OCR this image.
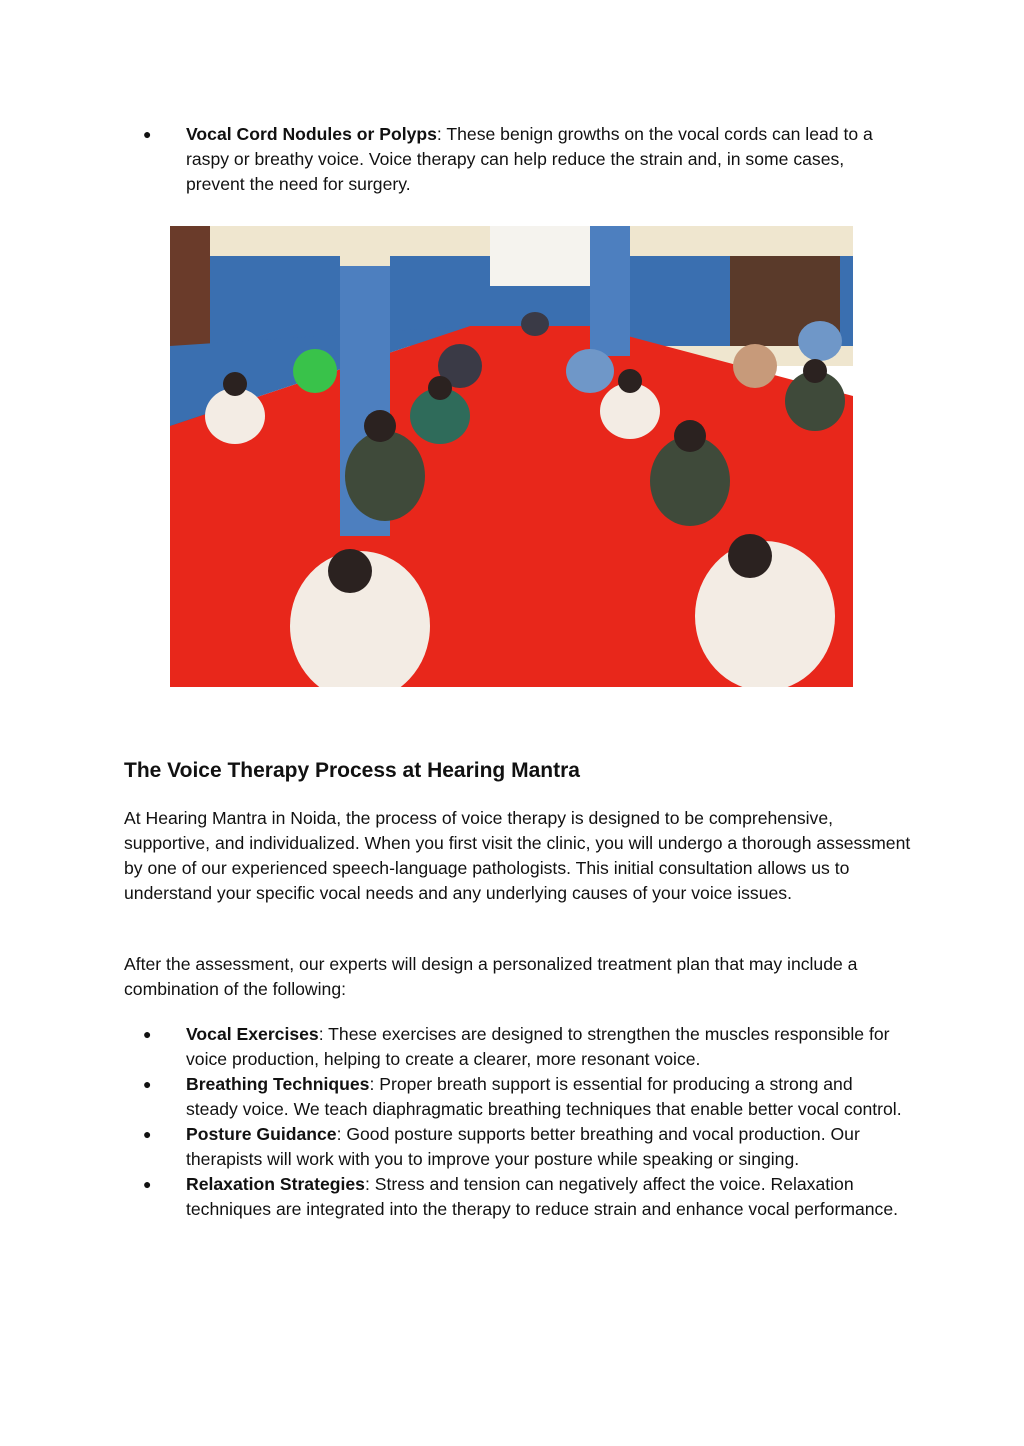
● Vocal Cord Nodules or Polyps: These benign growths on the vocal cords can lead to a raspy or breathy voice. Voice therapy can help reduce the strain and, in some cases, prevent the need for surgery.
The Voice Therapy Process at Hearing Mantra

At Hearing Mantra in Noida, the process of voice therapy is designed to be comprehensive, supportive, and individualized. When you first visit the clinic, you will undergo a thorough assessment by one of our experienced speech-language pathologists. This initial consultation allows us to understand your specific vocal needs and any underlying causes of your voice issues.

After the assessment, our experts will design a personalized treatment plan that may include a combination of the following:

● Vocal Exercises: These exercises are designed to strengthen the muscles responsible for voice production, helping to create a clearer, more resonant voice.
● Breathing Techniques: Proper breath support is essential for producing a strong and steady voice. We teach diaphragmatic breathing techniques that enable better vocal control.
● Posture Guidance: Good posture supports better breathing and vocal production. Our therapists will work with you to improve your posture while speaking or singing.
● Relaxation Strategies: Stress and tension can negatively affect the voice. Relaxation techniques are integrated into the therapy to reduce strain and enhance vocal performance.
